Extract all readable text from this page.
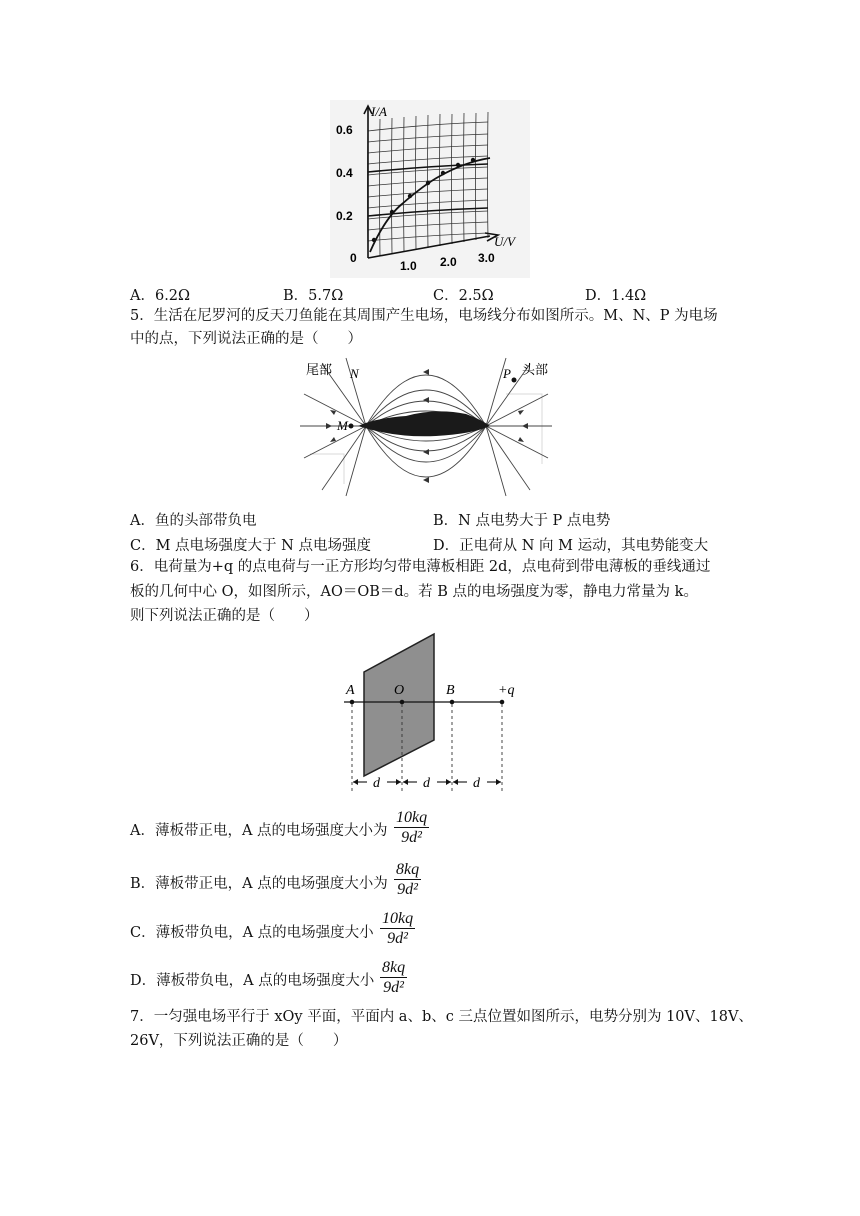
I/A
U/V
0.6
0.4
0.2
0
1.0 2.0 3.0
A．6.2Ω	B．5.7Ω	C．2.5Ω	D．1.4Ω
5．生活在尼罗河的反天刀鱼能在其周围产生电场，电场线分布如图所示。M、N、P 为电场
中的点，下列说法正确的是（　　）
尾部 N
M
P 头部
A．鱼的头部带负电	B．N 点电势大于 P 点电势
C．M 点电场强度大于 N 点电场强度	D．正电荷从 N 向 M 运动，其电势能变大
6．电荷量为+q 的点电荷与一正方形均匀带电薄板相距 2d，点电荷到带电薄板的垂线通过
板的几何中心 O，如图所示，AO＝OB＝d。若 B 点的电场强度为零，静电力常量为 k。
则下列说法正确的是（　　）
A	O	B	+q
d	d	d
A．薄板带正电，A 点的电场强度大小为 $\frac{10kq}{\text{9d²}}$
B．薄板带正电，A 点的电场强度大小为 $\frac{8kq}{\text{9d²}}$
C．薄板带负电，A 点的电场强度大小 $\frac{10kq}{\text{9d²}}$
D．薄板带负电，A 点的电场强度大小 $\frac{8kq}{\text{9d²}}$
7．一匀强电场平行于 xOy 平面，平面内 a、b、c 三点位置如图所示，电势分别为 10V、18V、
26V，下列说法正确的是（　　）
